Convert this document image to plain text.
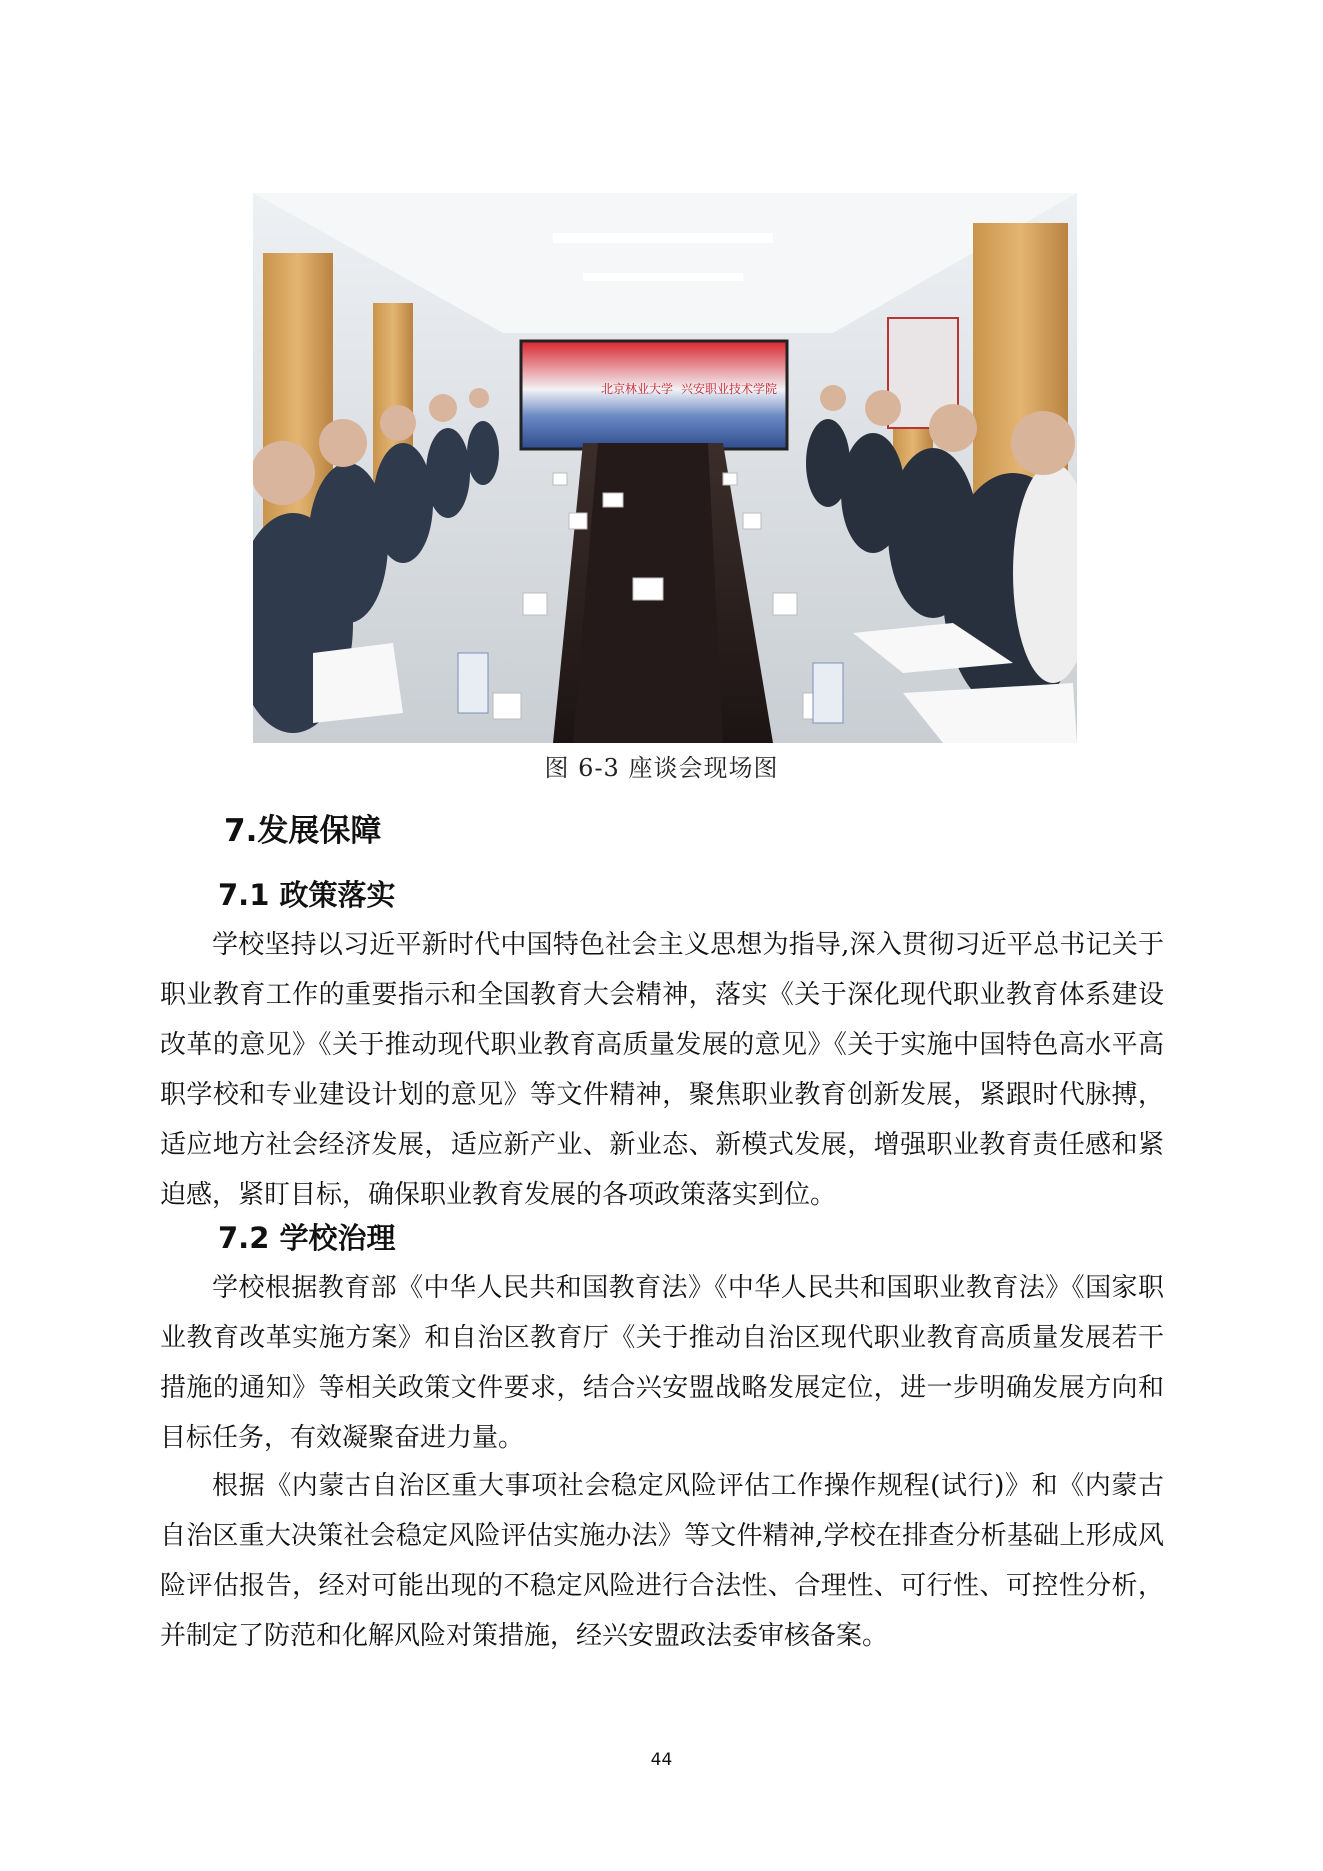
北京林业大学 兴安职业技术学院
图 6-3 座谈会现场图
7.发展保障
7.1 政策落实

学校坚持以习近平新时代中国特色社会主义思想为指导,深入贯彻习近平总书记关于职业教育工作的重要指示和全国教育大会精神，落实《关于深化现代职业教育体系建设改革的意见》《关于推动现代职业教育高质量发展的意见》《关于实施中国特色高水平高职学校和专业建设计划的意见》等文件精神，聚焦职业教育创新发展，紧跟时代脉搏，适应地方社会经济发展，适应新产业、新业态、新模式发展，增强职业教育责任感和紧迫感，紧盯目标，确保职业教育发展的各项政策落实到位。

7.2 学校治理

学校根据教育部《中华人民共和国教育法》《中华人民共和国职业教育法》《国家职业教育改革实施方案》和自治区教育厅《关于推动自治区现代职业教育高质量发展若干措施的通知》等相关政策文件要求，结合兴安盟战略发展定位，进一步明确发展方向和目标任务，有效凝聚奋进力量。

根据《内蒙古自治区重大事项社会稳定风险评估工作操作规程(试行)》和《内蒙古自治区重大决策社会稳定风险评估实施办法》等文件精神,学校在排查分析基础上形成风险评估报告，经对可能出现的不稳定风险进行合法性、合理性、可行性、可控性分析，并制定了防范和化解风险对策措施，经兴安盟政法委审核备案。

44
